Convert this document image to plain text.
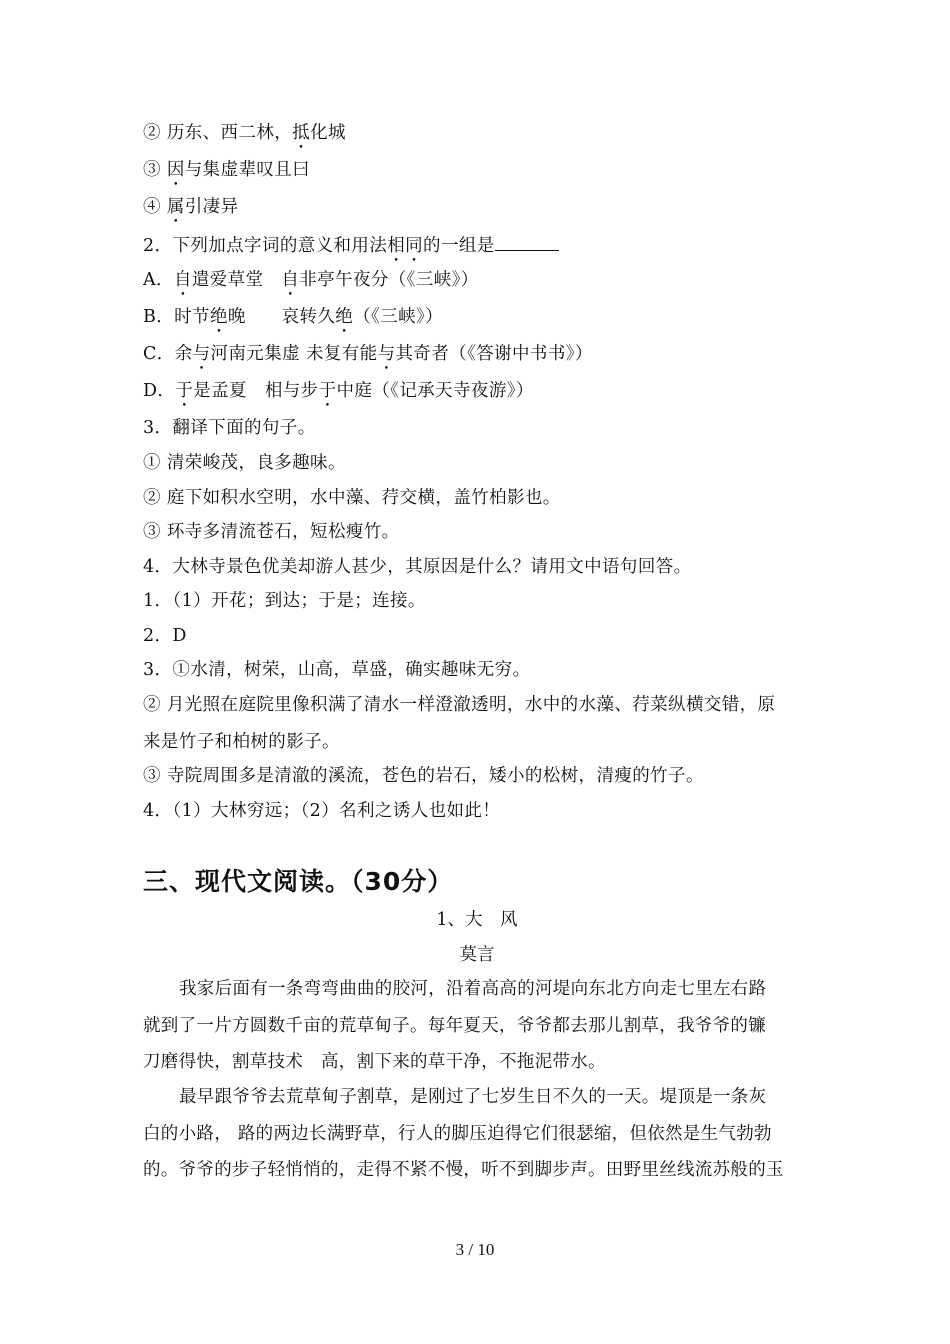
② 历东、西二林，抵化城
③ 因与集虚辈叹且曰
④ 属引凄异
2．下列加点字词的意义和用法相同的一组是
A．自遣爱草堂　自非亭午夜分（《三峡》）
B．时节绝晚　　哀转久绝（《三峡》）
C．余与河南元集虚 未复有能与其奇者（《答谢中书书》）
D．于是孟夏　相与步于中庭（《记承天寺夜游》）
3．翻译下面的句子。
① 清荣峻茂，良多趣味。
② 庭下如积水空明，水中藻、荇交横，盖竹柏影也。
③ 环寺多清流苍石，短松瘦竹。
4．大林寺景色优美却游人甚少，其原因是什么？请用文中语句回答。
1．（1）开花；到达；于是；连接。
2．D
3．①水清，树荣，山高，草盛，确实趣味无穷。
② 月光照在庭院里像积满了清水一样澄澈透明，水中的水藻、荇菜纵横交错，原
来是竹子和柏树的影子。
③ 寺院周围多是清澈的溪流，苍色的岩石，矮小的松树，清瘦的竹子。
4．（1）大林穷远；（2）名利之诱人也如此！
三、现代文阅读。（30分）
1、大　风
莫言
我家后面有一条弯弯曲曲的胶河，沿着高高的河堤向东北方向走七里左右路
就到了一片方圆数千亩的荒草甸子。每年夏天，爷爷都去那儿割草，我爷爷的镰
刀磨得快，割草技术　高，割下来的草干净，不拖泥带水。
最早跟爷爷去荒草甸子割草，是刚过了七岁生日不久的一天。堤顶是一条灰
白的小路， 路的两边长满野草，行人的脚压迫得它们很瑟缩，但依然是生气勃勃
的。爷爷的步子轻悄悄的，走得不紧不慢，听不到脚步声。田野里丝线流苏般的玉
3 / 10
